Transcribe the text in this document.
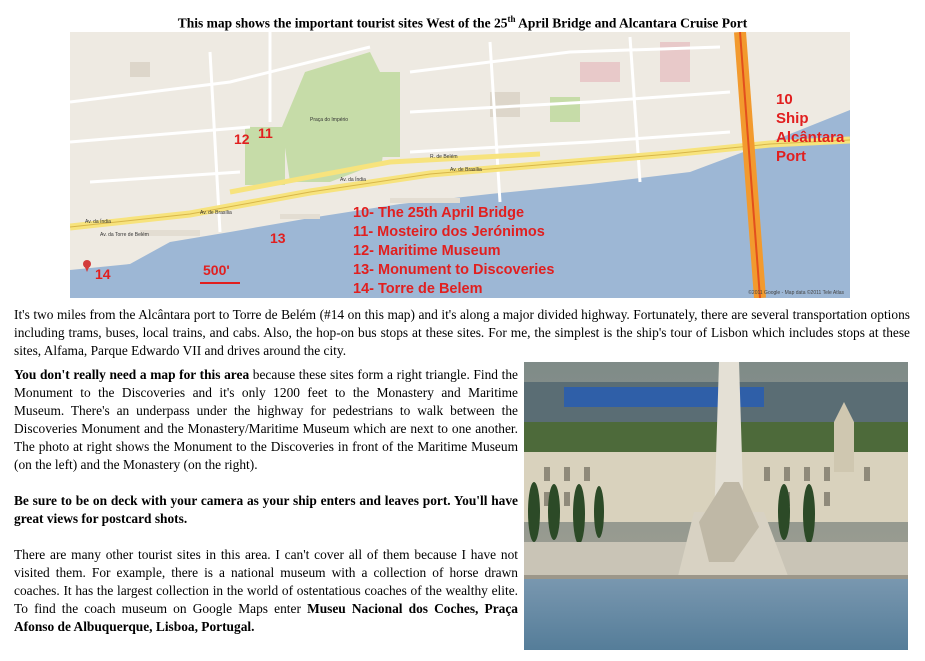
This map shows the important tourist sites West of the 25th April Bridge and Alcantara Cruise Port
Av. da Índia
Av. de Brasília
Av. da Índia
Av. de Brasília
R. de Belém
Av. da Torre de Belém
Praça do Império
10
Ship
Alcântara
Port
12 11
13
14	500'
10- The 25th April Bridge
11- Mosteiro dos Jerónimos
12- Maritime Museum
13- Monument to Discoveries
14- Torre de Belem	©2011 Google - Map data ©2011 Tele Atlas

It's two miles from the Alcântara port to Torre de Belém (#14 on this map) and it's along a major divided highway. Fortunately, there are several transportation options including trams, buses, local trains, and cabs. Also, the hop-on bus stops at these sites. For me, the simplest is the ship's tour of Lisbon which includes stops at these sites, Alfama, Parque Edwardo VII and drives around the city.

You don't really need a map for this area because these sites form a right triangle. Find the Monument to the Discoveries and it's only 1200 feet to the Monastery and Maritime Museum. There's an underpass under the highway for pedestrians to walk between the Discoveries Monument and the Monastery/Maritime Museum which are next to one another. The photo at right shows the Monument to the Discoveries in front of the Maritime Museum (on the left) and the Monastery (on the right).

Be sure to be on deck with your camera as your ship enters and leaves port. You'll have great views for postcard shots.

There are many other tourist sites in this area. I can't cover all of them because I have not visited them. For example, there is a national museum with a collection of horse drawn coaches. It has the largest collection in the world of ostentatious coaches of the wealthy elite. To find the coach museum on Google Maps enter Museu Nacional dos Coches, Praça Afonso de Albuquerque, Lisboa, Portugal.
